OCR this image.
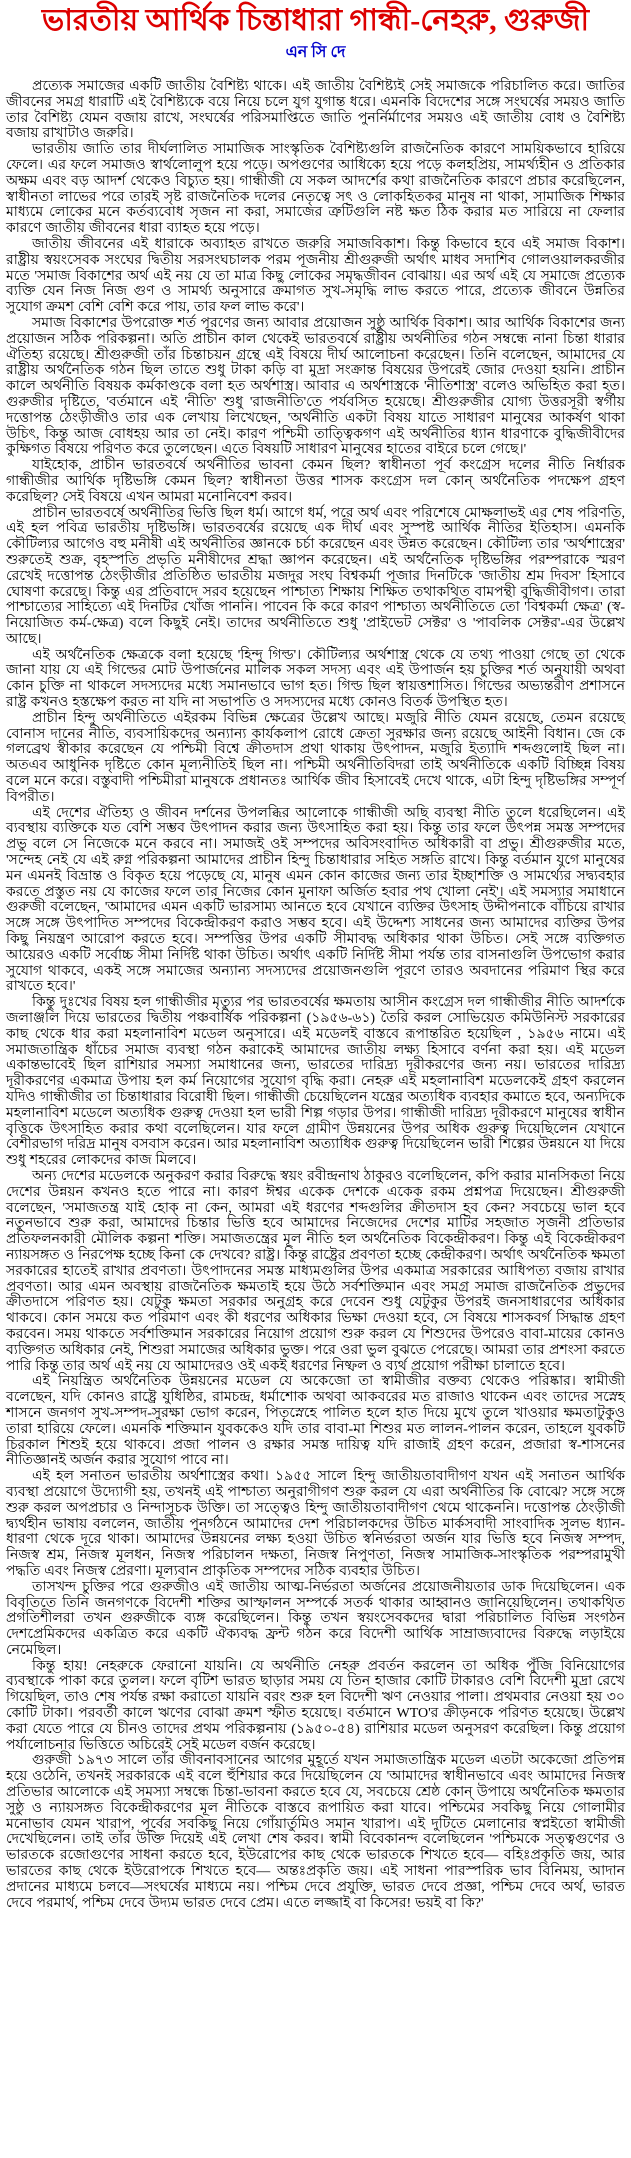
ভারতীয় আর্থিক চিন্তাধারা গান্ধী-নেহরু, গুরুজী
এন সি দে

প্রত্যেক সমাজের একটি জাতীয় বৈশিষ্ট্য থাকে। এই জাতীয় বৈশিষ্ট্যই সেই সমাজকে পরিচালিত করে। জাতির জীবনের সমগ্র ধারাটি এই বৈশিষ্ট্যকে বয়ে নিয়ে চলে যুগ যুগান্ত ধরে। এমনকি বিদেশের সঙ্গে সংঘর্ষের সময়ও জাতি তার বৈশিষ্ট্য যেমন বজায় রাখে, সংঘর্ষের পরিসমাপ্তিতে জাতি পুনর্নির্মাণের সময়ও এই জাতীয় বোধ ও বৈশিষ্ট্য বজায় রাখাটাও জরুরি।

ভারতীয় জাতি তার দীর্ঘলালিত সামাজিক সাংস্কৃতিক বৈশিষ্ট্যগুলি রাজনৈতিক কারণে সাময়িকভাবে হারিয়ে ফেলে। এর ফলে সমাজও স্বার্থলোলুপ হয়ে পড়ে। অপগুণের আধিক্যে হয়ে পড়ে কলহপ্রিয়, সামর্থ্যহীন ও প্রতিকার অক্ষম এবং বড় আদর্শ থেকেও বিচ্যুত হয়। গান্ধীজী যে সকল আদর্শের কথা রাজনৈতিক কারণে প্রচার করেছিলেন, স্বাধীনতা লাভের পরে তারই সৃষ্ট রাজনৈতিক দলের নেতৃত্বে সৎ ও লোকহিতকর মানুষ না থাকা, সামাজিক শিক্ষার মাধ্যমে লোকের মনে কর্তব্যবোধ সৃজন না করা, সমাজের ত্রুটিগুলি নষ্ট ক্ষত ঠিক করার মত সারিয়ে না ফেলার কারণে জাতীয় জীবনের ধারা ব্যাহত হয়ে পড়ে।

জাতীয় জীবনের এই ধারাকে অব্যাহত রাখতে জরুরি সমাজবিকাশ। কিন্তু কিভাবে হবে এই সমাজ বিকাশ। রাষ্ট্রীয় স্বয়ংসেবক সংঘের দ্বিতীয় সরসংঘচালক পরম পূজনীয় শ্রীগুরুজী অর্থাৎ মাধব সদাশিব গোলওয়ালকরজীর মতে 'সমাজ বিকাশের অর্থ এই নয় যে তা মাত্র কিছু লোকের সমৃদ্ধজীবন বোঝায়। এর অর্থ এই যে সমাজে প্রত্যেক ব্যক্তি যেন নিজ নিজ গুণ ও সামর্থ্য অনুসারে ক্রমাগত সুখ-সমৃদ্ধি লাভ করতে পারে, প্রত্যেক জীবনে উন্নতির সুযোগ ক্রমশ বেশি বেশি করে পায়, তার ফল লাভ করে'।

সমাজ বিকাশের উপরোক্ত শর্ত পূরণের জন্য আবার প্রয়োজন সুষ্ঠু আর্থিক বিকাশ। আর আর্থিক বিকাশের জন্য প্রয়োজন সঠিক পরিকল্পনা। অতি প্রাচীন কাল থেকেই ভারতবর্ষে রাষ্ট্রীয় অর্থনীতির গঠন সম্বন্ধে নানা চিন্তা ধারার ঐতিহ্য রয়েছে। শ্রীগুরুজী তাঁর চিন্তাচয়ন গ্রন্থে এই বিষয়ে দীর্ঘ আলোচনা করেছেন। তিনি বলেছেন, আমাদের যে রাষ্ট্রীয় অর্থনৈতিক গঠন ছিল তাতে শুধু টাকা কড়ি বা মুদ্রা সংক্রান্ত বিষয়ের উপরেই জোর দেওয়া হয়নি। প্রাচীন কালে অর্থনীতি বিষয়ক কর্মকাণ্ডকে বলা হত অর্থশাস্ত্র। আবার এ অর্থশাস্ত্রকে 'নীতিশাস্ত্র' বলেও অভিহিত করা হত। গুরুজীর দৃষ্টিতে, 'বর্তমানে এই 'নীতি' শুধু 'রাজনীতি'তে পর্যবসিত হয়েছে। শ্রীগুরুজীর যোগ্য উত্তরসূরী স্বর্গীয় দত্তোপন্ত ঠেংড়ীজীও তার এক লেখায় লিখেছেন, 'অর্থনীতি একটা বিষয় যাতে সাধারণ মানুষের আকর্ষণ থাকা উচিৎ, কিন্তু আজ বোধহয় আর তা নেই। কারণ পশ্চিমী তাত্ত্বিকগণ এই অর্থনীতির ধ্যান ধারণাকে বুদ্ধিজীবীদের কুক্ষিগত বিষয়ে পরিণত করে তুলেছেন। এতে বিষয়টি সাধারণ মানুষের হাতের বাইরে চলে গেছে।'

যাইহোক, প্রাচীন ভারতবর্ষে অর্থনীতির ভাবনা কেমন ছিল? স্বাধীনতা পূর্ব কংগ্রেস দলের নীতি নির্ধারক গান্ধীজীর আর্থিক দৃষ্টিভঙ্গি কেমন ছিল? স্বাধীনতা উত্তর শাসক কংগ্রেস দল কোন্ অর্থনৈতিক পদক্ষেপ গ্রহণ করেছিল? সেই বিষয়ে এখন আমরা মনোনিবেশ করব।

প্রাচীন ভারতবর্ষে অর্থনীতির ভিত্তি ছিল ধর্ম। আগে ধর্ম, পরে অর্থ এবং পরিশেষে মোক্ষলাভই এর শেষ পরিণতি, এই হল পবিত্র ভারতীয় দৃষ্টিভঙ্গি। ভারতবর্ষের রয়েছে এক দীর্ঘ এবং সুস্পষ্ট আর্থিক নীতির ইতিহাস। এমনকি কৌটিল্যর আগেও বহু মনীষী এই অর্থনীতির জ্ঞানকে চর্চা করেছেন এবং উন্নত করেছেন। কৌটিল্য তার 'অর্থশাস্ত্রের' শুরুতেই শুক্র, বৃহস্পতি প্রভৃতি মনীষীদের শ্রদ্ধা জ্ঞাপন করেছেন। এই অর্থনৈতিক দৃষ্টিভঙ্গির পরম্পরাকে স্মরণ রেখেই দত্তোপন্ত ঠেংড়ীজীর প্রতিষ্ঠিত ভারতীয় মজদুর সংঘ বিশ্বকর্মা পূজার দিনটিকে 'জাতীয় শ্রম দিবস' হিসাবে ঘোষণা করেছে। কিন্তু এর প্রতিবাদে সরব হয়েছেন পাশ্চাত্য শিক্ষায় শিক্ষিত তথাকথিত বামপন্থী বুদ্ধিজীবীগণ। তারা পাশ্চাত্যের সাহিত্যে এই দিনটির খোঁজ পাননি। পাবেন কি করে কারণ পাশ্চাত্য অর্থনীতিতে তো 'বিশ্বকর্মা ক্ষেত্র' (স্ব-নিয়োজিত কর্ম-ক্ষেত্র) বলে কিছুই নেই। তাদের অর্থনীতিতে শুধু 'প্রাইভেট সেক্টর' ও 'পাবলিক সেক্টর'-এর উল্লেখ আছে।

এই অর্থনৈতিক ক্ষেত্রকে বলা হয়েছে 'হিন্দু গিল্ড'। কৌটিল্যর অর্থশাস্ত্র থেকে যে তথ্য পাওয়া গেছে তা থেকে জানা যায় যে এই গিল্ডের মোট উপার্জনের মালিক সকল সদস্য এবং এই উপার্জন হয় চুক্তির শর্ত অনুযায়ী অথবা কোন চুক্তি না থাকলে সদস্যদের মধ্যে সমানভাবে ভাগ হত। গিল্ড ছিল স্বায়ত্তশাসিত। গিল্ডের অভ্যন্তরীণ প্রশাসনে রাষ্ট্র কখনও হস্তক্ষেপ করত না যদি না সভাপতি ও সদস্যদের মধ্যে কোনও বিতর্ক উপস্থিত হত।

প্রাচীন হিন্দু অর্থনীতিতে এইরকম বিভিন্ন ক্ষেত্রের উল্লেখ আছে। মজুরি নীতি যেমন রয়েছে, তেমন রয়েছে বোনাস দানের নীতি, ব্যবসায়িকদের অন্যান্য কার্যকলাপ রোধে ক্রেতা সুরক্ষার জন্য রয়েছে আইনী বিধান। জে কে গলব্রেথ স্বীকার করেছেন যে পশ্চিমী বিশ্বে ক্রীতদাস প্রথা থাকায় উৎপাদন, মজুরি ইত্যাদি শব্দগুলোই ছিল না। অতএব আধুনিক দৃষ্টিতে কোন মূল্যনীতিই ছিল না। পশ্চিমী অর্থনীতিবিদরা তাই অর্থনীতিকে একটি বিচ্ছিন্ন বিষয় বলে মনে করে। বস্তুবাদী পশ্চিমীরা মানুষকে প্রধানতঃ আর্থিক জীব হিসাবেই দেখে থাকে, এটা হিন্দু দৃষ্টিভঙ্গির সম্পূর্ণ বিপরীত।

এই দেশের ঐতিহ্য ও জীবন দর্শনের উপলব্ধির আলোকে গান্ধীজী অছি ব্যবস্থা নীতি তুলে ধরেছিলেন। এই ব্যবস্থায় ব্যক্তিকে যত বেশি সম্ভব উৎপাদন করার জন্য উৎসাহিত করা হয়। কিন্তু তার ফলে উৎপন্ন সমস্ত সম্পদের প্রভু বলে সে নিজেকে মনে করবে না। সমাজই ওই সম্পদের অবিসংবাদিত অধিকারী বা প্রভু। শ্রীগুরুজীর মতে, 'সন্দেহ নেই যে এই রুগ্ন পরিকল্পনা আমাদের প্রাচীন হিন্দু চিন্তাধারার সহিত সঙ্গতি রাখে। কিন্তু বর্তমান যুগে মানুষের মন এমনই বিভ্রান্ত ও বিকৃত হয়ে পড়েছে যে, মানুষ এমন কোন কাজের জন্য তার ইচ্ছাশক্তি ও সামর্থ্যের সদ্ব্যবহার করতে প্রস্তুত নয় যে কাজের ফলে তার নিজের কোন মুনাফা অর্জিত হবার পথ খোলা নেই'। এই সমস্যার সমাধানে গুরুজী বলেছেন, 'আমাদের এমন একটি ভারসাম্য আনতে হবে যেখানে ব্যক্তির উৎসাহ উদ্দীপনাকে বাঁচিয়ে রাখার সঙ্গে সঙ্গে উৎপাদিত সম্পদের বিকেন্দ্রীকরণ করাও সম্ভব হবে। এই উদ্দেশ্য সাধনের জন্য আমাদের ব্যক্তির উপর কিছু নিয়ন্ত্রণ আরোপ করতে হবে। সম্পত্তির উপর একটি সীমাবদ্ধ অধিকার থাকা উচিত। সেই সঙ্গে ব্যক্তিগত আয়েরও একটি সর্বোচ্চ সীমা নির্দিষ্ট থাকা উচিত। অর্থাৎ একটি নির্দিষ্ট সীমা পর্যন্ত তার বাসনাগুলি উপভোগ করার সুযোগ থাকবে, একই সঙ্গে সমাজের অন্যান্য সদস্যদের প্রয়োজনগুলি পূরণে তারও অবদানের পরিমাণ স্থির করে রাখতে হবে।'

কিন্তু দুঃখের বিষয় হল গান্ধীজীর মৃত্যুর পর ভারতবর্ষের ক্ষমতায় আসীন কংগ্রেস দল গান্ধীজীর নীতি আদর্শকে জলাঞ্জলি দিয়ে ভারতের দ্বিতীয় পঞ্চবার্ষিক পরিকল্পনা (১৯৫৬-৬১) তৈরি করল সোভিয়েত কমিউনিস্ট সরকারের কাছ থেকে ধার করা মহলানাবিশ মডেল অনুসারে। এই মডেলই বাস্তবে রূপান্তরিত হয়েছিল , ১৯৫৬ নামে। এই সমাজতান্ত্রিক ধাঁচের সমাজ ব্যবস্থা গঠন করাকেই আমাদের জাতীয় লক্ষ্য হিসাবে বর্ণনা করা হয়। এই মডেল একান্তভাবেই ছিল রাশিয়ার সমস্যা সমাধানের জন্য, ভারতের দারিদ্র্য দূরীকরণের জন্য নয়। ভারতের দারিদ্র্য দূরীকরণের একমাত্র উপায় হল কর্ম নিয়োগের সুযোগ বৃদ্ধি করা। নেহরু এই মহলানাবিশ মডেলকেই গ্রহণ করলেন যদিও গান্ধীজীর তা চিন্তাধারার বিরোধী ছিল। গান্ধীজী চেয়েছিলেন যন্ত্রের অত্যধিক ব্যবহার কমাতে হবে, অন্যদিকে মহলানাবিশ মডেলে অত্যধিক গুরুত্ব দেওয়া হল ভারী শিল্প গড়ার উপর। গান্ধীজী দারিদ্র্য দূরীকরণে মানুষের স্বাধীন বৃত্তিকে উৎসাহিত করার কথা বলেছিলেন। যার ফলে গ্রামীণ উন্নয়নের উপর অধিক গুরুত্ব দিয়েছিলেন যেখানে বেশীরভাগ দরিদ্র মানুষ বসবাস করেন। আর মহলানাবিশ অত্যাধিক গুরুত্ব দিয়েছিলেন ভারী শিল্পের উন্নয়নে যা দিয়ে শুধু শহরের লোকদের কাজ মিলবে।

অন্য দেশের মডেলকে অনুকরণ করার বিরুদ্ধে স্বয়ং রবীন্দ্রনাথ ঠাকুরও বলেছিলেন, কপি করার মানসিকতা নিয়ে দেশের উন্নয়ন কখনও হতে পারে না। কারণ ঈশ্বর একেক দেশকে একেক রকম প্রশ্নপত্র দিয়েছেন। শ্রীগুরুজী বলেছেন, 'সমাজতন্ত্র যাই হোক্ না কেন, আমরা এই ধরণের শব্দগুলির ক্রীতদাস হব কেন? সবচেয়ে ভাল হবে নতুনভাবে শুরু করা, আমাদের চিন্তার ভিত্তি হবে আমাদের নিজেদের দেশের মাটির সহজাত সৃজনী প্রতিভার প্রতিফলনকারী মৌলিক কল্পনা শক্তি। সমাজতন্ত্রের মূল নীতি হল অর্থনৈতিক বিকেন্দ্রীকরণ। কিন্তু এই বিকেন্দ্রীকরণ ন্যায়সঙ্গত ও নিরপেক্ষ হচ্ছে কিনা কে দেখবে? রাষ্ট্র। কিন্তু রাষ্ট্রের প্রবণতা হচ্ছে কেন্দ্রীকরণ। অর্থাৎ অর্থনৈতিক ক্ষমতা সরকারের হাতেই রাখার প্রবণতা। উৎপাদনের সমস্ত মাধ্যমগুলির উপর একমাত্র সরকারের আধিপত্য বজায় রাখার প্রবণতা। আর এমন অবস্থায় রাজনৈতিক ক্ষমতাই হয়ে উঠে সর্বশক্তিমান এবং সমগ্র সমাজ রাজনৈতিক প্রভুদের ক্রীতদাসে পরিণত হয়। যেটুকু ক্ষমতা সরকার অনুগ্রহ করে দেবেন শুধু যেটুকুর উপরই জনসাধারণের অধিকার থাকবে। কোন সময়ে কত পরিমাণ এবং কী ধরণের অধিকার ভিক্ষা দেওয়া হবে, সে বিষয়ে শাসকবর্গ সিদ্ধান্ত গ্রহণ করবেন। সময় থাকতে সর্বশক্তিমান সরকারের নিয়োগ প্রয়োগ শুরু করল যে শিশুদের উপরেও বাবা-মায়ের কোনও ব্যক্তিগত অধিকার নেই, শিশুরা সমাজের অধিকার ভুক্ত। পরে ওরা ভুল বুঝতে পেরেছে। আমরা তার প্রশংসা করতে পারি কিন্তু তার অর্থ এই নয় যে আমাদেরও ওই একই ধরণের নিষ্ফল ও ব্যর্থ প্রয়োগ পরীক্ষা চালাতে হবে।

এই নিয়ন্ত্রিত অর্থনৈতিক উন্নয়নের মডেল যে অকেজো তা স্বামীজীর বক্তব্য থেকেও পরিষ্কার। স্বামীজী বলেছেন, যদি কোনও রাষ্ট্রে যুধিষ্ঠির, রামচন্দ্র, ধর্মাশোক অথবা আকবরের মত রাজাও থাকেন এবং তাদের সস্নেহ শাসনে জনগণ সুখ-সম্পদ-সুরক্ষা ভোগ করেন, পিতৃস্নেহে পালিত হলে হাত দিয়ে মুখে তুলে খাওয়ার ক্ষমতাটুকুও তারা হারিয়ে ফেলে। এমনকি শক্তিমান যুবককেও যদি তার বাবা-মা শিশুর মত লালন-পালন করেন, তাহলে যুবকটি চিরকাল শিশুই হয়ে থাকবে। প্রজা পালন ও রক্ষার সমস্ত দায়িত্ব যদি রাজাই গ্রহণ করেন, প্রজারা স্ব-শাসনের নীতিজ্ঞানই অর্জন করার সুযোগ পাবে না।

এই হল সনাতন ভারতীয় অর্থশাস্ত্রের কথা। ১৯৫৫ সালে হিন্দু জাতীয়তাবাদীগণ যখন এই সনাতন আর্থিক ব্যবস্থা প্রয়োগে উদ্যোগী হয়, তখনই এই পাশ্চাত্য অনুরাগীগণ শুরু করল যে এরা অর্থনীতির কি বোঝে? সঙ্গে সঙ্গে শুরু করল অপপ্রচার ও নিন্দাসূচক উক্তি। তা সত্ত্বেও হিন্দু জাতীয়তাবাদীগণ থেমে থাকেননি। দত্তোপন্ত ঠেংড়ীজী দ্ব্যর্থহীন ভাষায় বললেন, জাতীয় পুনর্গঠনে আমাদের দেশ পরিচালকদের উচিত মার্কসবাদী সাংবাদিক সুলভ ধ্যান-ধারণা থেকে দূরে থাকা। আমাদের উন্নয়নের লক্ষ্য হওয়া উচিত স্বনির্ভরতা অর্জন যার ভিত্তি হবে নিজস্ব সম্পদ, নিজস্ব শ্রম, নিজস্ব মূলধন, নিজস্ব পরিচালন দক্ষতা, নিজস্ব নিপুণতা, নিজস্ব সামাজিক-সাংস্কৃতিক পরম্পরামুখী পদ্ধতি এবং নিজস্ব প্রেরণা। মূল্যবান প্রাকৃতিক সম্পদের সঠিক ব্যবহার উচিত।

তাসখন্দ চুক্তির পরে গুরুজীও এই জাতীয় আত্ম-নির্ভরতা অর্জনের প্রয়োজনীয়তার ডাক দিয়েছিলেন। এক বিবৃতিতে তিনি জনগণকে বিদেশী শক্তির আস্ফালন সম্পর্কে সতর্ক থাকার আহ্বানও জানিয়েছিলেন। তথাকথিত প্রগতিশীলরা তখন গুরুজীকে ব্যঙ্গ করেছিলেন। কিন্তু তখন স্বয়ংসেবকদের দ্বারা পরিচালিত বিভিন্ন সংগঠন দেশপ্রেমিকদের একত্রিত করে একটি ঐক্যবদ্ধ ফ্রন্ট গঠন করে বিদেশী আর্থিক সাম্রাজ্যবাদের বিরুদ্ধে লড়াইয়ে নেমেছিল।

কিন্তু হায়! নেহরুকে ফেরানো যায়নি। যে অর্থনীতি নেহরু প্রবর্তন করলেন তা অধিক পুঁজি বিনিয়োগের ব্যবস্থাকে পাকা করে তুলল। ফলে বৃটিশ ভারত ছাড়ার সময় যে তিন হাজার কোটি টাকারও বেশি বিদেশী মুদ্রা রেখে গিয়েছিল, তাও শেষ পর্যন্ত রক্ষা করাতো যায়নি বরং শুরু হল বিদেশী ঋণ নেওয়ার পালা। প্রথমবার নেওয়া হয় ৩০ কোটি টাকা। পরবর্তী কালে ঋণের বোঝা ক্রমশ স্ফীত হয়েছে। বর্তমানে WTO'র ক্রীড়নকে পরিণত হয়েছে। উল্লেখ করা যেতে পারে যে চীনও তাদের প্রথম পরিকল্পনায় (১৯৫০-৫৪) রাশিয়ার মডেল অনুসরণ করেছিল। কিন্তু প্রয়োগ পর্যালোচনার ভিত্তিতে অচিরেই সেই মডেল বর্জন করেছে।

গুরুজী ১৯৭৩ সালে তাঁর জীবনাবসানের আগের মুহূর্তে যখন সমাজতান্ত্রিক মডেল এতটা অকেজো প্রতিপন্ন হয়ে ওঠেনি, তখনই সরকারকে এই বলে হুঁশিয়ার করে দিয়েছিলেন যে 'আমাদের স্বাধীনভাবে এবং আমাদের নিজস্ব প্রতিভার আলোকে এই সমস্যা সম্বন্ধে চিন্তা-ভাবনা করতে হবে যে, সবচেয়ে শ্রেষ্ঠ কোন্ উপায়ে অর্থনৈতিক ক্ষমতার সুষ্ঠু ও ন্যায়সঙ্গত বিকেন্দ্রীকরণের মূল নীতিকে বাস্তবে রূপায়িত করা যাবে। পশ্চিমের সবকিছু নিয়ে গোলামীর মনোভাব যেমন খারাপ, পূর্বের সবকিছু নিয়ে গোঁয়ার্তুমিও সমান খারাপ। এই দুটিতে মেলানোর স্বপ্নইতো স্বামীজী দেখেছিলেন। তাই তাঁর উক্তি দিয়েই এই লেখা শেষ করব। স্বামী বিবেকানন্দ বলেছিলেন 'পশ্চিমকে সত্ত্বগুণের ও ভারতকে রজোগুণের সাধনা করতে হবে, ইউরোপের কাছ থেকে ভারতকে শিখতে হবে— বহিঃপ্রকৃতি জয়, আর ভারতের কাছ থেকে ইউরোপকে শিখতে হবে— অন্তঃপ্রকৃতি জয়। এই সাধনা পারস্পরিক ভাব বিনিময়, আদান প্রদানের মাধ্যমে চলবে—সংঘর্ষের মাধ্যমে নয়। পশ্চিম দেবে প্রযুক্তি, ভারত দেবে প্রজ্ঞা, পশ্চিম দেবে অর্থ, ভারত দেবে পরমার্থ, পশ্চিম দেবে উদ্যম ভারত দেবে প্রেম। এতে লজ্জাই বা কিসের! ভয়ই বা কি?'
